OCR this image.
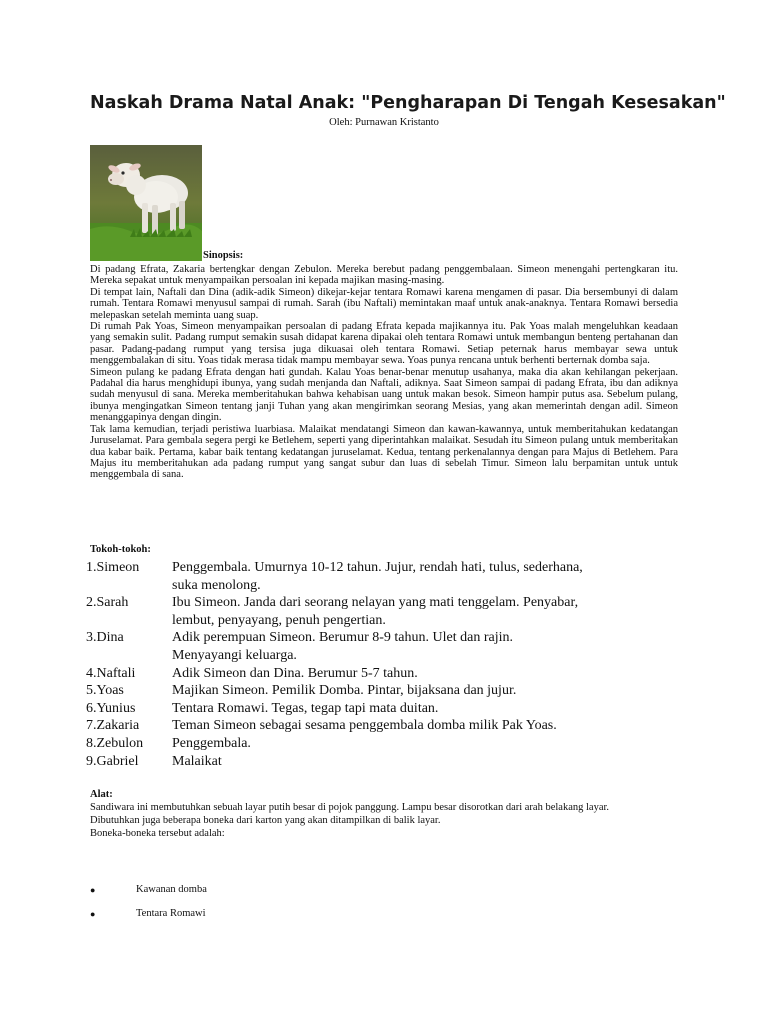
Naskah Drama Natal Anak: "Pengharapan Di Tengah Kesesakan"
Oleh: Purnawan Kristanto
Sinopsis:

Di padang Efrata, Zakaria bertengkar dengan Zebulon. Mereka berebut padang penggembalaan. Simeon menengahi pertengkaran itu. Mereka sepakat untuk menyampaikan persoalan ini kepada majikan masing-masing.

Di tempat lain, Naftali dan Dina (adik-adik Simeon) dikejar-kejar tentara Romawi karena mengamen di pasar. Dia bersembunyi di dalam rumah. Tentara Romawi menyusul sampai di rumah. Sarah (ibu Naftali) memintakan maaf untuk anak-anaknya. Tentara Romawi bersedia melepaskan setelah meminta uang suap.

Di rumah Pak Yoas, Simeon menyampaikan persoalan di padang Efrata kepada majikannya itu. Pak Yoas malah mengeluhkan keadaan yang semakin sulit. Padang rumput semakin susah didapat karena dipakai oleh tentara Romawi untuk membangun benteng pertahanan dan pasar. Padang-padang rumput yang tersisa juga dikuasai oleh tentara Romawi. Setiap peternak harus membayar sewa untuk menggembalakan di situ. Yoas tidak merasa tidak mampu membayar sewa. Yoas punya rencana untuk berhenti berternak domba saja.

Simeon pulang ke padang Efrata dengan hati gundah. Kalau Yoas benar-benar menutup usahanya, maka dia akan kehilangan pekerjaan. Padahal dia harus menghidupi ibunya, yang sudah menjanda dan Naftali, adiknya. Saat Simeon sampai di padang Efrata, ibu dan adiknya sudah menyusul di sana. Mereka memberitahukan bahwa kehabisan uang untuk makan besok. Simeon hampir putus asa. Sebelum pulang, ibunya mengingatkan Simeon tentang janji Tuhan yang akan mengirimkan seorang Mesias, yang akan memerintah dengan adil. Simeon menanggapinya dengan dingin.

Tak lama kemudian, terjadi peristiwa luarbiasa. Malaikat mendatangi Simeon dan kawan-kawannya, untuk memberitahukan kedatangan Juruselamat. Para gembala segera pergi ke Betlehem, seperti yang diperintahkan malaikat. Sesudah itu Simeon pulang untuk memberitakan dua kabar baik. Pertama, kabar baik tentang kedatangan juruselamat. Kedua, tentang perkenalannya dengan para Majus di Betlehem. Para Majus itu memberitahukan ada padang rumput yang sangat subur dan luas di sebelah Timur. Simeon lalu berpamitan untuk untuk menggembala di sana.

Tokoh-tokoh:
1.Simeon	Penggembala. Umurnya 10-12 tahun. Jujur, rendah hati, tulus, sederhana,
suka menolong.
2.Sarah	Ibu Simeon. Janda dari seorang nelayan yang mati tenggelam. Penyabar,
lembut, penyayang, penuh pengertian.
3.Dina	Adik perempuan Simeon. Berumur 8-9 tahun. Ulet dan rajin.
Menyayangi keluarga.
4.Naftali	Adik Simeon dan Dina. Berumur 5-7 tahun.
5.Yoas	Majikan Simeon. Pemilik Domba. Pintar, bijaksana dan jujur.
6.Yunius	Tentara Romawi. Tegas, tegap tapi mata duitan.
7.Zakaria	Teman Simeon sebagai sesama penggembala domba milik Pak Yoas.
8.Zebulon	Penggembala.
9.Gabriel	Malaikat
Alat:
Sandiwara ini membutuhkan sebuah layar putih besar di pojok panggung. Lampu besar disorotkan dari arah belakang layar.
Dibutuhkan juga beberapa boneka dari karton yang akan ditampilkan di balik layar.
Boneka-boneka tersebut adalah:
●	Kawanan domba
●	Tentara Romawi
